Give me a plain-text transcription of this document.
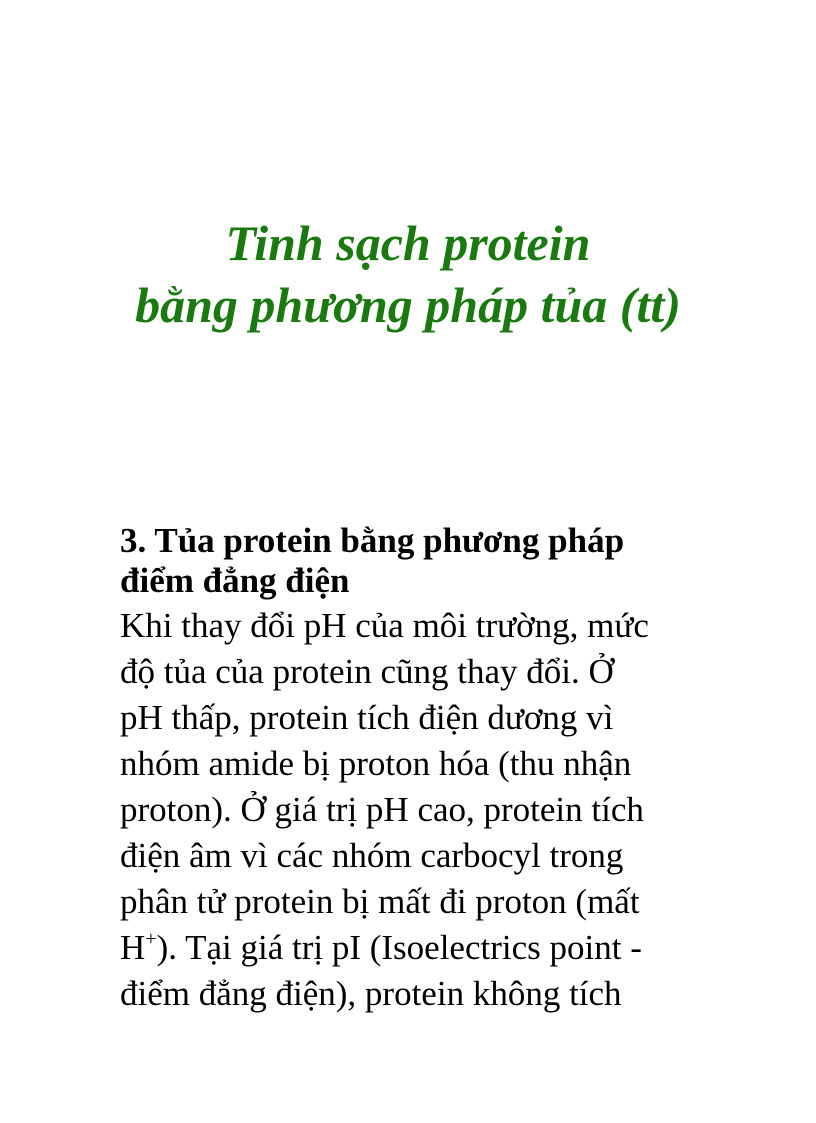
Tinh sạch protein
bằng phương pháp tủa (tt)
3. Tủa protein bằng phương pháp
điểm đẳng điện
Khi thay đổi pH của môi trường, mức
độ tủa của protein cũng thay đổi. Ở
pH thấp, protein tích điện dương vì
nhóm amide bị proton hóa (thu nhận
proton). Ở giá trị pH cao, protein tích
điện âm vì các nhóm carbocyl trong
phân tử protein bị mất đi proton (mất
H+). Tại giá trị pI (Isoelectrics point -
điểm đẳng điện), protein không tích
